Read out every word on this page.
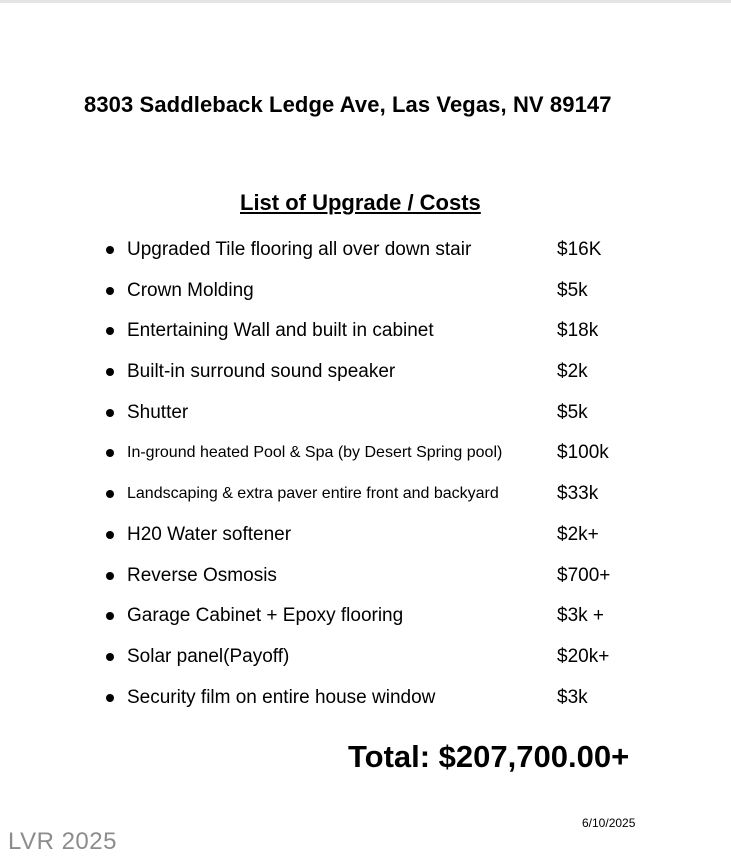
8303 Saddleback Ledge Ave, Las Vegas, NV 89147
List of Upgrade / Costs
Upgraded Tile flooring all over down stair	$16K
Crown Molding	$5k
Entertaining Wall and built in cabinet	$18k
Built-in surround sound speaker	$2k
Shutter	$5k
In-ground heated Pool & Spa (by Desert Spring pool)	$100k
Landscaping & extra paver entire front and backyard	$33k
H20 Water softener	$2k+
Reverse Osmosis	$700+
Garage Cabinet + Epoxy flooring	$3k +
Solar panel(Payoff)	$20k+
Security film on entire house window	$3k
Total: $207,700.00+
6/10/2025
LVR 2025
